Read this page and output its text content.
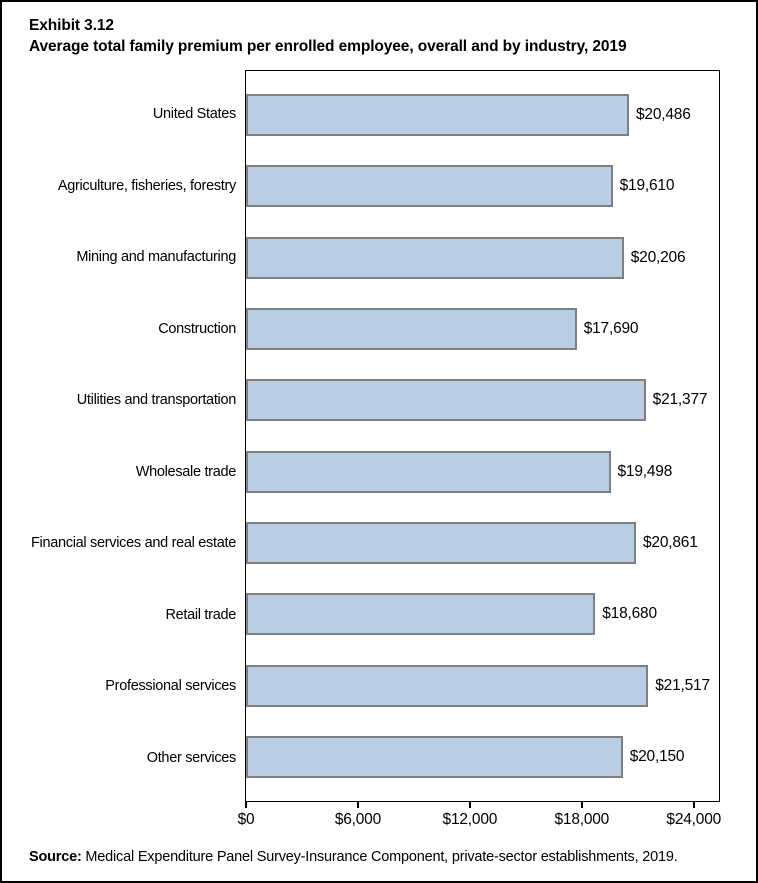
Exhibit 3.12
Average total family premium per enrolled employee, overall and by industry, 2019
United States
Agriculture, fisheries, forestry
Mining and manufacturing
Construction
Utilities and transportation
Wholesale trade
Financial services and real estate
Retail trade
Professional services
Other services
$20,486
$19,610
$20,206
$17,690
$21,377
$19,498
$20,861
$18,680
$21,517
$20,150
$0	$6,000	$12,000	$18,000	$24,000
Source: Medical Expenditure Panel Survey-Insurance Component, private-sector establishments, 2019.
